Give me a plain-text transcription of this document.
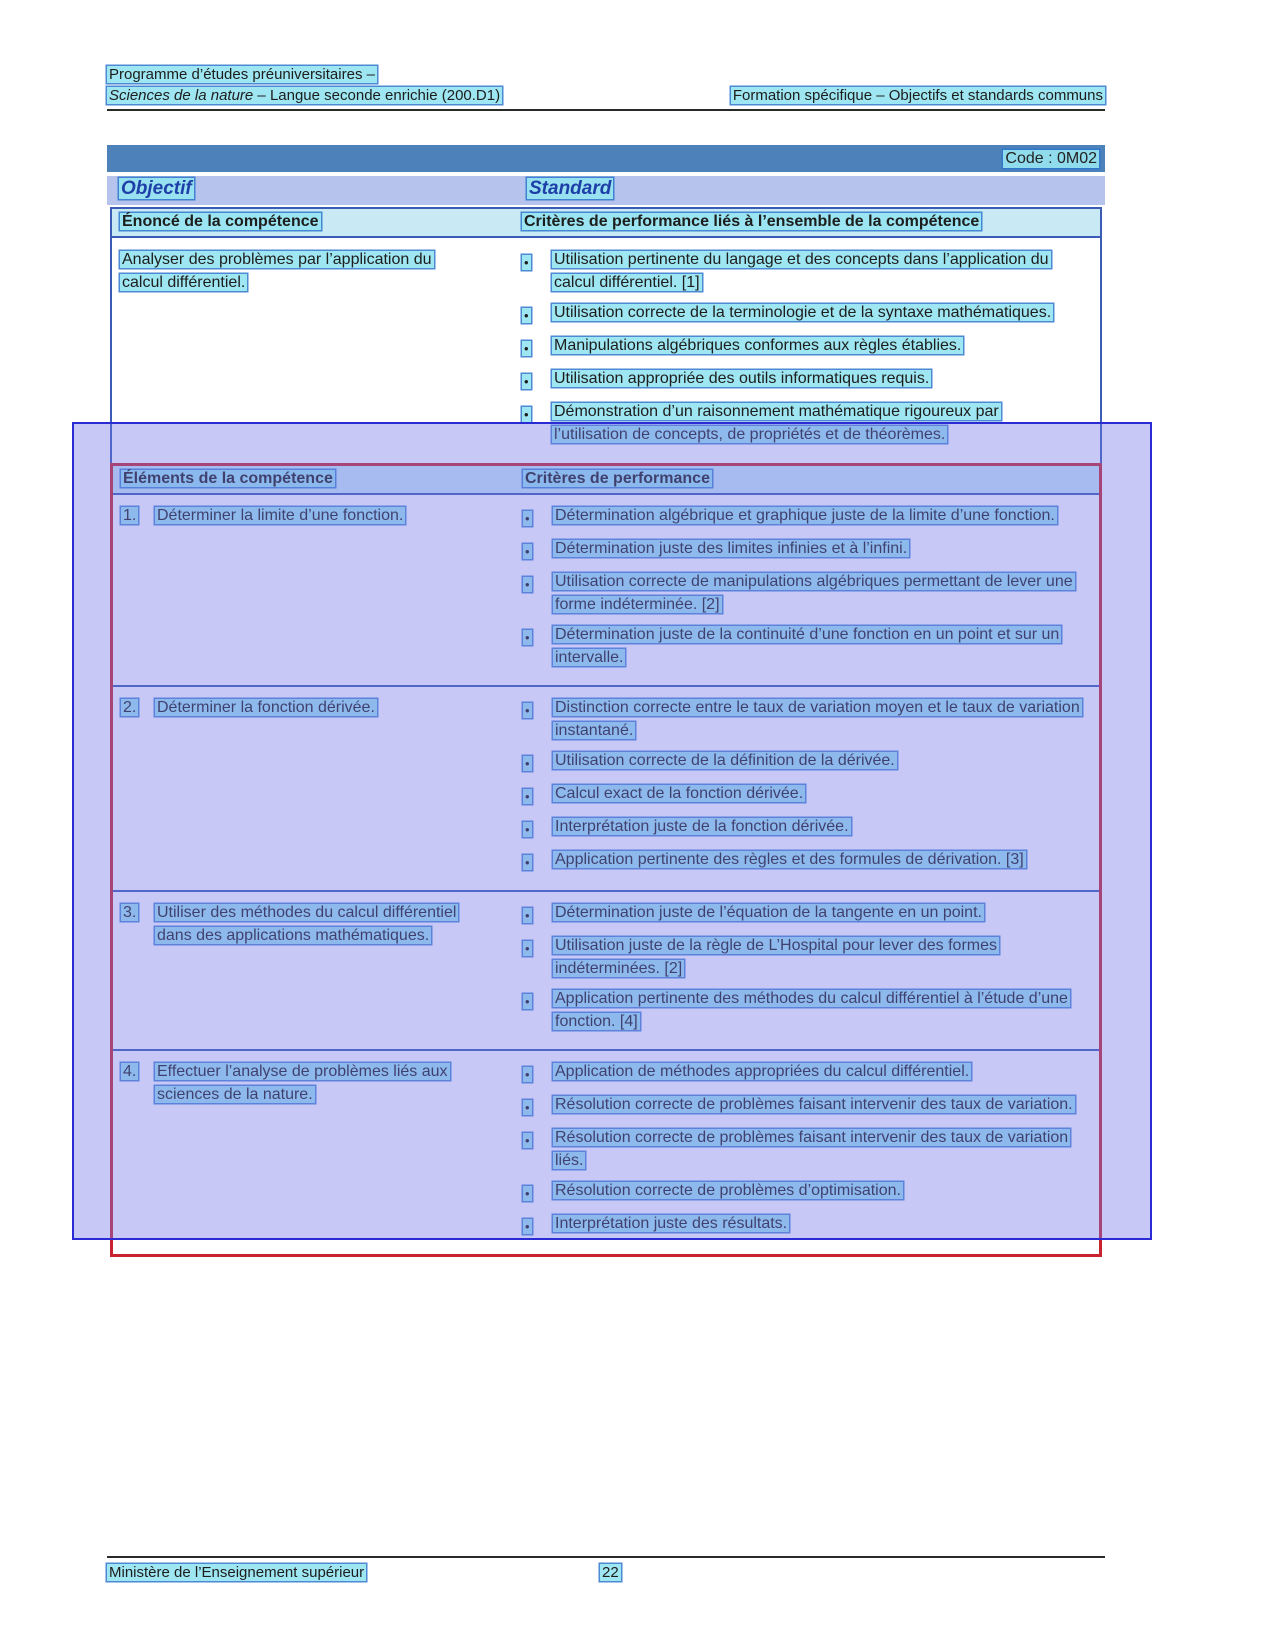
Programme d’études préuniversitaires –
Sciences de la nature – Langue seconde enrichie (200.D1)	Formation spécifique – Objectifs et standards communs
Code : 0M02
Objectif	Standard
Énoncé de la compétence	Critères de performance liés à l’ensemble de la compétence
Analyser des problèmes par l’application du calcul différentiel.
•	Utilisation pertinente du langage et des concepts dans l’application du calcul différentiel. [1]
•	Utilisation correcte de la terminologie et de la syntaxe mathématiques.
•	Manipulations algébriques conformes aux règles établies.
•	Utilisation appropriée des outils informatiques requis.
•	Démonstration d’un raisonnement mathématique rigoureux par l’utilisation de concepts, de propriétés et de théorèmes.
Éléments de la compétence	Critères de performance
1.	Déterminer la limite d’une fonction.	•	Détermination algébrique et graphique juste de la limite d’une fonction.
•	Détermination juste des limites infinies et à l’infini.
•	Utilisation correcte de manipulations algébriques permettant de lever une forme indéterminée. [2]
•	Détermination juste de la continuité d’une fonction en un point et sur un intervalle.
2.	Déterminer la fonction dérivée.	•	Distinction correcte entre le taux de variation moyen et le taux de variation instantané.
•	Utilisation correcte de la définition de la dérivée.
•	Calcul exact de la fonction dérivée.
•	Interprétation juste de la fonction dérivée.
•	Application pertinente des règles et des formules de dérivation. [3]
3.	Utiliser des méthodes du calcul différentiel dans des applications mathématiques.
•	Détermination juste de l’équation de la tangente en un point.
•	Utilisation juste de la règle de L’Hospital pour lever des formes indéterminées. [2]
•	Application pertinente des méthodes du calcul différentiel à l’étude d’une fonction. [4]
4.	Effectuer l’analyse de problèmes liés aux sciences de la nature.
•	Application de méthodes appropriées du calcul différentiel.
•	Résolution correcte de problèmes faisant intervenir des taux de variation.
•	Résolution correcte de problèmes faisant intervenir des taux de variation liés.
•	Résolution correcte de problèmes d’optimisation.
•	Interprétation juste des résultats.
Ministère de l’Enseignement supérieur	22
